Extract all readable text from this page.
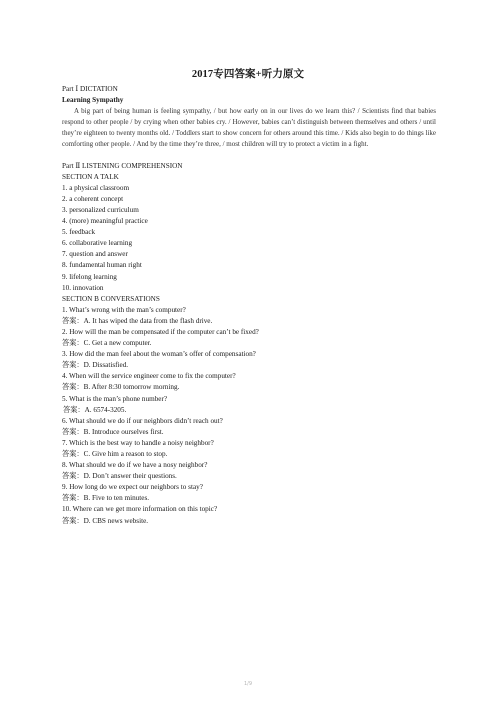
2017专四答案+听力原文
Part Ⅰ DICTATION
Learning Sympathy

A big part of being human is feeling sympathy, / but how early on in our lives do we learn this? / Scientists find that babies respond to other people / by crying when other babies cry. / However, babies can’t distinguish between themselves and others / until they’re eighteen to twenty months old. / Toddlers start to show concern for others around this time. / Kids also begin to do things like comforting other people. / And by the time they’re three, / most children will try to protect a victim in a fight.

Part Ⅱ LISTENING COMPREHENSION
SECTION A TALK
1. a physical classroom
2. a coherent concept
3. personalized curriculum
4. (more) meaningful practice
5. feedback
6. collaborative learning
7. question and answer
8. fundamental human right
9. lifelong learning
10. innovation
SECTION B CONVERSATIONS
1. What’s wrong with the man’s computer?
答案：A. It has wiped the data from the flash drive.
2. How will the man be compensated if the computer can’t be fixed?
答案：C. Get a new computer.
3. How did the man feel about the woman’s offer of compensation?
答案：D. Dissatisfied.
4. When will the service engineer come to fix the computer?
答案：B. After 8:30 tomorrow morning.
5. What is the man’s phone number?
答案：A. 6574-3205.
6. What should we do if our neighbors didn’t reach out?
答案：B. Introduce ourselves first.
7. Which is the best way to handle a noisy neighbor?
答案：C. Give him a reason to stop.
8. What should we do if we have a nosy neighbor?
答案：D. Don’t answer their questions.
9. How long do we expect our neighbors to stay?
答案：B. Five to ten minutes.
10. Where can we get more information on this topic?
答案：D. CBS news website.
1/9
